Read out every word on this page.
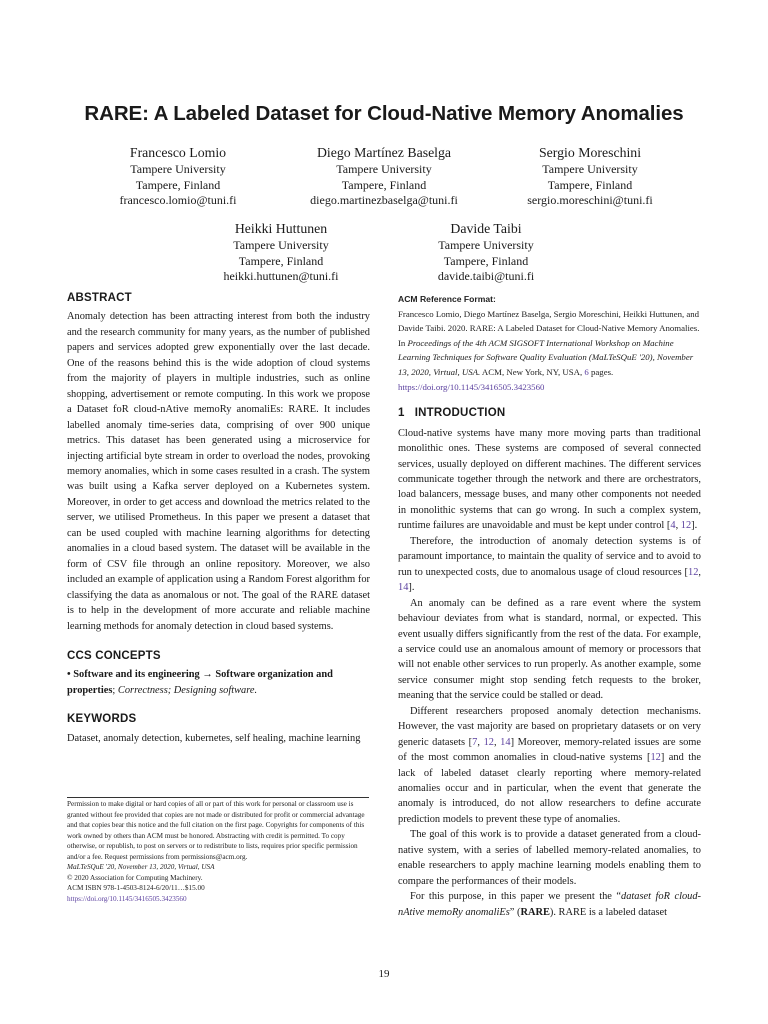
RARE: A Labeled Dataset for Cloud-Native Memory Anomalies
Francesco Lomio
Tampere University
Tampere, Finland
francesco.lomio@tuni.fi
Diego Martínez Baselga
Tampere University
Tampere, Finland
diego.martinezbaselga@tuni.fi
Sergio Moreschini
Tampere University
Tampere, Finland
sergio.moreschini@tuni.fi
Heikki Huttunen
Tampere University
Tampere, Finland
heikki.huttunen@tuni.fi
Davide Taibi
Tampere University
Tampere, Finland
davide.taibi@tuni.fi
ABSTRACT

Anomaly detection has been attracting interest from both the industry and the research community for many years, as the number of published papers and services adopted grew exponentially over the last decade. One of the reasons behind this is the wide adoption of cloud systems from the majority of players in multiple industries, such as online shopping, advertisement or remote computing. In this work we propose a Dataset foR cloud-nAtive memoRy anomaliEs: RARE. It includes labelled anomaly time-series data, comprising of over 900 unique metrics. This dataset has been generated using a microservice for injecting artificial byte stream in order to overload the nodes, provoking memory anomalies, which in some cases resulted in a crash. The system was built using a Kafka server deployed on a Kubernetes system. Moreover, in order to get access and download the metrics related to the server, we utilised Prometheus. In this paper we present a dataset that can be used coupled with machine learning algorithms for detecting anomalies in a cloud based system. The dataset will be available in the form of CSV file through an online repository. Moreover, we also included an example of application using a Random Forest algorithm for classifying the data as anomalous or not. The goal of the RARE dataset is to help in the development of more accurate and reliable machine learning methods for anomaly detection in cloud based systems.

CCS CONCEPTS

• Software and its engineering → Software organization and properties; Correctness; Designing software.

KEYWORDS

Dataset, anomaly detection, kubernetes, self healing, machine learning

Permission to make digital or hard copies of all or part of this work for personal or classroom use is granted without fee provided that copies are not made or distributed for profit or commercial advantage and that copies bear this notice and the full citation on the first page. Copyrights for components of this work owned by others than ACM must be honored. Abstracting with credit is permitted. To copy otherwise, or republish, to post on servers or to redistribute to lists, requires prior specific permission and/or a fee. Request permissions from permissions@acm.org.
MaLTeSQuE '20, November 13, 2020, Virtual, USA
© 2020 Association for Computing Machinery.
ACM ISBN 978-1-4503-8124-6/20/11…$15.00
https://doi.org/10.1145/3416505.3423560
ACM Reference Format:
Francesco Lomio, Diego Martínez Baselga, Sergio Moreschini, Heikki Huttunen, and Davide Taibi. 2020. RARE: A Labeled Dataset for Cloud-Native Memory Anomalies. In Proceedings of the 4th ACM SIGSOFT International Workshop on Machine Learning Techniques for Software Quality Evaluation (MaLTeSQuE '20), November 13, 2020, Virtual, USA. ACM, New York, NY, USA, 6 pages. https://doi.org/10.1145/3416505.3423560
1   INTRODUCTION

Cloud-native systems have many more moving parts than traditional monolithic ones. These systems are composed of several connected services, usually deployed on different machines. The different services communicate together through the network and there are orchestrators, load balancers, message buses, and many other components not needed in monolithic systems that can go wrong. In such a complex system, runtime failures are unavoidable and must be kept under control [4, 12].

Therefore, the introduction of anomaly detection systems is of paramount importance, to maintain the quality of service and to avoid to run to unexpected costs, due to anomalous usage of cloud resources [12, 14].

An anomaly can be defined as a rare event where the system behaviour deviates from what is standard, normal, or expected. This event usually differs significantly from the rest of the data. For example, a service could use an anomalous amount of memory or processors that will not enable other services to run properly. As another example, some service consumer might stop sending fetch requests to the broker, meaning that the service could be stalled or dead.

Different researchers proposed anomaly detection mechanisms. However, the vast majority are based on proprietary datasets or on very generic datasets [7, 12, 14] Moreover, memory-related issues are some of the most common anomalies in cloud-native systems [12] and the lack of labeled dataset clearly reporting where memory-related anomalies occur and in particular, when the event that generate the anomaly is introduced, do not allow researchers to define accurate prediction models to prevent these type of anomalies.

The goal of this work is to provide a dataset generated from a cloud-native system, with a series of labelled memory-related anomalies, to enable researchers to apply machine learning models enabling them to compare the performances of their models.

For this purpose, in this paper we present the “dataset foR cloud-nAtive memoRy anomaliEs” (RARE). RARE is a labeled dataset

19
